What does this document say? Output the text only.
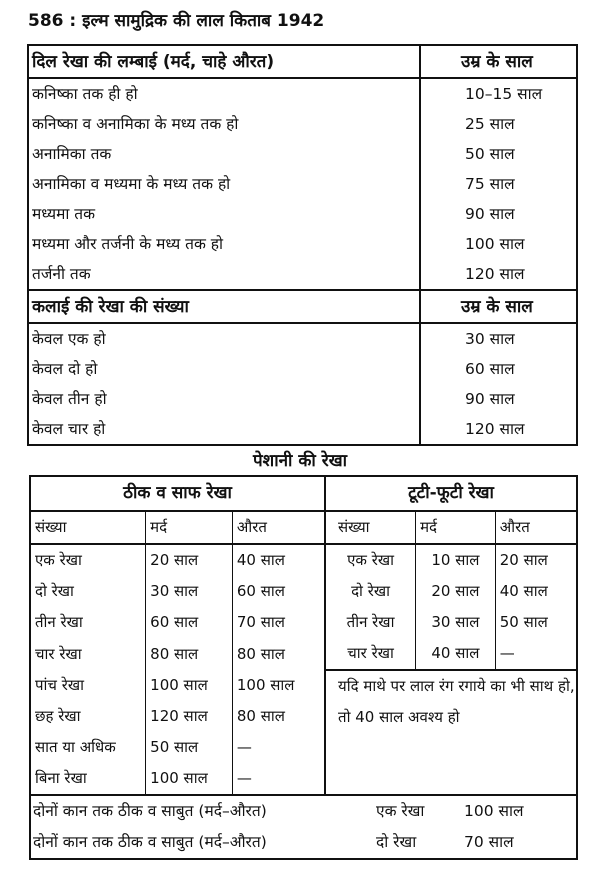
586 : इल्म सामुद्रिक की लाल किताब 1942
दिल रेखा की लम्बाई (मर्द, चाहे औरत)	उम्र के साल
कनिष्का तक ही हो	10–15 साल
कनिष्का व अनामिका के मध्य तक हो	25 साल
अनामिका तक	50 साल
अनामिका व मध्यमा के मध्य तक हो	75 साल
मध्यमा तक	90 साल
मध्यमा और तर्जनी के मध्य तक हो	100 साल
तर्जनी तक	120 साल
कलाई की रेखा की संख्या	उम्र के साल
केवल एक हो	30 साल
केवल दो हो	60 साल
केवल तीन हो	90 साल
केवल चार हो	120 साल
पेशानी की रेखा
ठीक व साफ रेखा			टूटी-फूटी रेखा		
संख्या	मर्द	औरत	संख्या	मर्द	औरत
एक रेखा	20 साल	40 साल	एक रेखा	10 साल	20 साल
दो रेखा	30 साल	60 साल	दो रेखा	20 साल	40 साल
तीन रेखा	60 साल	70 साल	तीन रेखा	30 साल	50 साल
चार रेखा	80 साल	80 साल	चार रेखा	40 साल	—
पांच रेखा	100 साल	100 साल	यदि माथे पर लाल रंग रगाये का भी साथ हो, तो 40 साल अवश्य हो		
छह रेखा	120 साल	80 साल			
सात या अधिक	50 साल	—			
बिना रेखा	100 साल	—			

दोनों कान तक ठीक व साबुत (मर्द–औरत)	एक रेखा	100 साल
दोनों कान तक ठीक व साबुत (मर्द–औरत)	दो रेखा	70 साल
